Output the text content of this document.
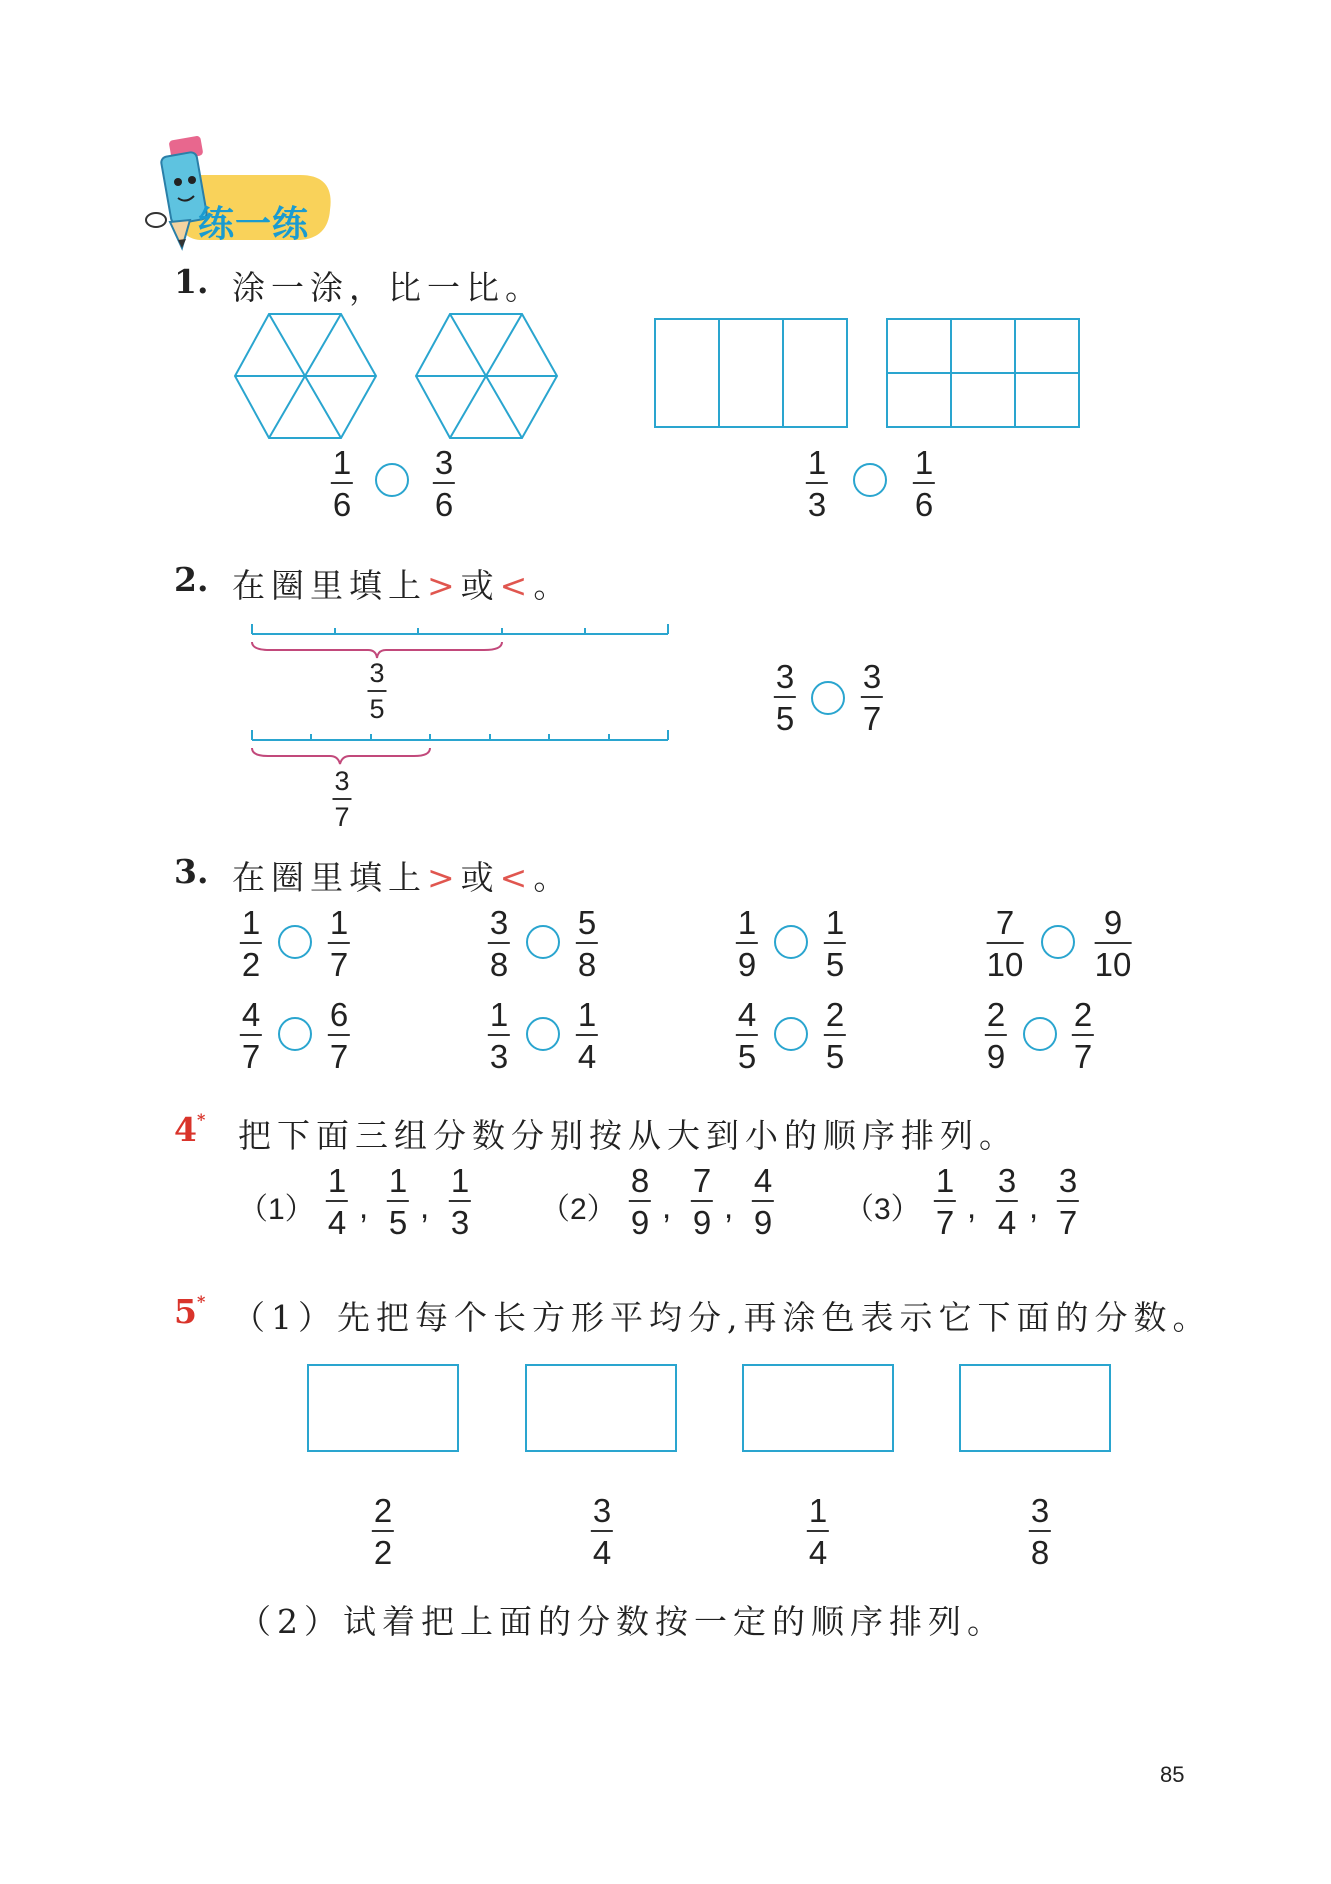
练一练
1. 涂一涂，比一比。
1
6
3
6
1
3
1
6
2. 在圈里填上>或<。
3
5
3
7
3
5
3
7
3. 在圈里填上>或<。
1
2
1
7
3
8
5
8
1
9
1
5
7
10
9
10
4
7
6
7
1
3
1
4
4
5
2
5
2
9
2
7
4* 把下面三组分数分别按从大到小的顺序排列。
（1）
1
4 ,
1
5 ,
1
3 （2）
8
9 ,
7
9 ,
4
9 （3）
1
7 ,
3
4 ,
3
7
5* （1）先把每个长方形平均分,再涂色表示它下面的分数。
2
2
3
4
1
4
3
8
（2）试着把上面的分数按一定的顺序排列。
85
